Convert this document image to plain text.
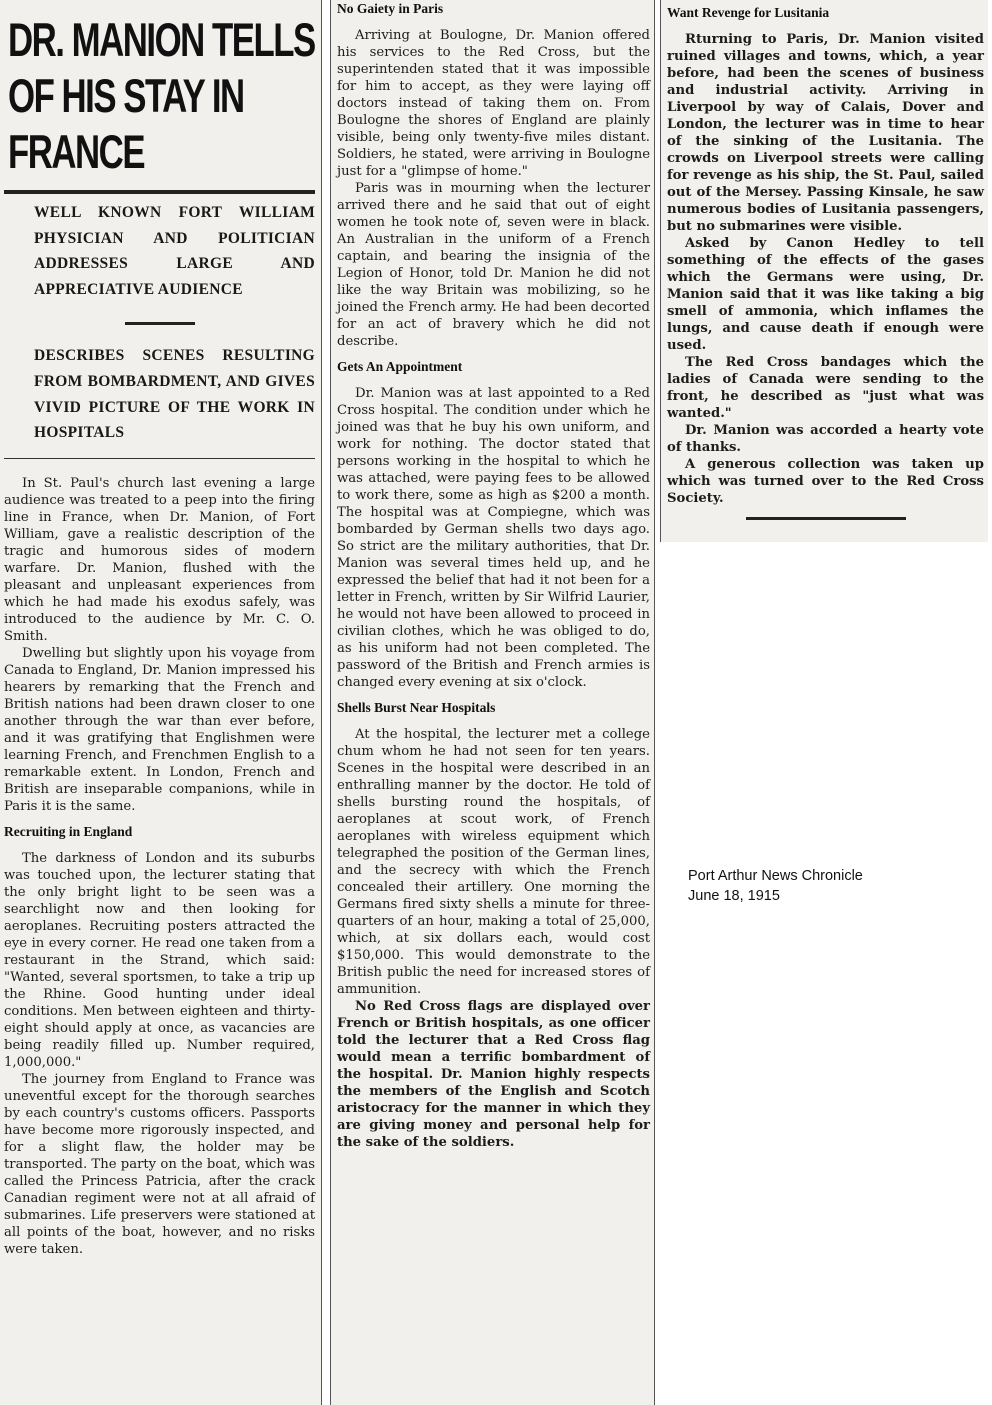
DR. MANION TELLS OF HIS STAY IN FRANCE
WELL KNOWN FORT WILLIAM PHYSICIAN AND POLITICIAN ADDRESSES LARGE AND APPRECIATIVE AUDIENCE
DESCRIBES SCENES RESULTING FROM BOMBARDMENT, AND GIVES VIVID PICTURE OF THE WORK IN HOSPITALS

In St. Paul's church last evening a large audience was treated to a peep into the firing line in France, when Dr. Manion, of Fort William, gave a realistic description of the tragic and humorous sides of modern warfare. Dr. Manion, flushed with the pleasant and unpleasant experiences from which he had made his exodus safely, was introduced to the audience by Mr. C. O. Smith.

Dwelling but slightly upon his voyage from Canada to England, Dr. Manion impressed his hearers by remarking that the French and British nations had been drawn closer to one another through the war than ever before, and it was gratifying that Englishmen were learning French, and Frenchmen English to a remarkable extent. In London, French and British are inseparable companions, while in Paris it is the same.

Recruiting in England

The darkness of London and its suburbs was touched upon, the lecturer stating that the only bright light to be seen was a searchlight now and then looking for aeroplanes. Recruiting posters attracted the eye in every corner. He read one taken from a restaurant in the Strand, which said: "Wanted, several sportsmen, to take a trip up the Rhine. Good hunting under ideal conditions. Men between eighteen and thirty-eight should apply at once, as vacancies are being readily filled up. Number required, 1,000,000."

The journey from England to France was uneventful except for the thorough searches by each country's customs officers. Passports have become more rigorously inspected, and for a slight flaw, the holder may be transported. The party on the boat, which was called the Princess Patricia, after the crack Canadian regiment were not at all afraid of submarines. Life preservers were stationed at all points of the boat, however, and no risks were taken.

No Gaiety in Paris

Arriving at Boulogne, Dr. Manion offered his services to the Red Cross, but the superintenden stated that it was impossible for him to accept, as they were laying off doctors instead of taking them on. From Boulogne the shores of England are plainly visible, being only twenty-five miles distant. Soldiers, he stated, were arriving in Boulogne just for a "glimpse of home."

Paris was in mourning when the lecturer arrived there and he said that out of eight women he took note of, seven were in black. An Australian in the uniform of a French captain, and bearing the insignia of the Legion of Honor, told Dr. Manion he did not like the way Britain was mobilizing, so he joined the French army. He had been decorted for an act of bravery which he did not describe.

Gets An Appointment

Dr. Manion was at last appointed to a Red Cross hospital. The condition under which he joined was that he buy his own uniform, and work for nothing. The doctor stated that persons working in the hospital to which he was attached, were paying fees to be allowed to work there, some as high as $200 a month. The hospital was at Compiegne, which was bombarded by German shells two days ago. So strict are the military authorities, that Dr. Manion was several times held up, and he expressed the belief that had it not been for a letter in French, written by Sir Wilfrid Laurier, he would not have been allowed to proceed in civilian clothes, which he was obliged to do, as his uniform had not been completed. The password of the British and French armies is changed every evening at six o'clock.

Shells Burst Near Hospitals

At the hospital, the lecturer met a college chum whom he had not seen for ten years. Scenes in the hospital were described in an enthralling manner by the doctor. He told of shells bursting round the hospitals, of aeroplanes at scout work, of French aeroplanes with wireless equipment which telegraphed the position of the German lines, and the secrecy with which the French concealed their artillery. One morning the Germans fired sixty shells a minute for three-quarters of an hour, making a total of 25,000, which, at six dollars each, would cost $150,000. This would demonstrate to the British public the need for increased stores of ammunition.

No Red Cross flags are displayed over French or British hospitals, as one officer told the lecturer that a Red Cross flag would mean a terrific bombardment of the hospital. Dr. Manion highly respects the members of the English and Scotch aristocracy for the manner in which they are giving money and personal help for the sake of the soldiers.

Want Revenge for Lusitania

Rturning to Paris, Dr. Manion visited ruined villages and towns, which, a year before, had been the scenes of business and industrial activity. Arriving in Liverpool by way of Calais, Dover and London, the lecturer was in time to hear of the sinking of the Lusitania. The crowds on Liverpool streets were calling for revenge as his ship, the St. Paul, sailed out of the Mersey. Passing Kinsale, he saw numerous bodies of Lusitania passengers, but no submarines were visible.

Asked by Canon Hedley to tell something of the effects of the gases which the Germans were using, Dr. Manion said that it was like taking a big smell of ammonia, which inflames the lungs, and cause death if enough were used.

The Red Cross bandages which the ladies of Canada were sending to the front, he described as "just what was wanted."

Dr. Manion was accorded a hearty vote of thanks.

A generous collection was taken up which was turned over to the Red Cross Society.

Port Arthur News Chronicle
June 18, 1915
